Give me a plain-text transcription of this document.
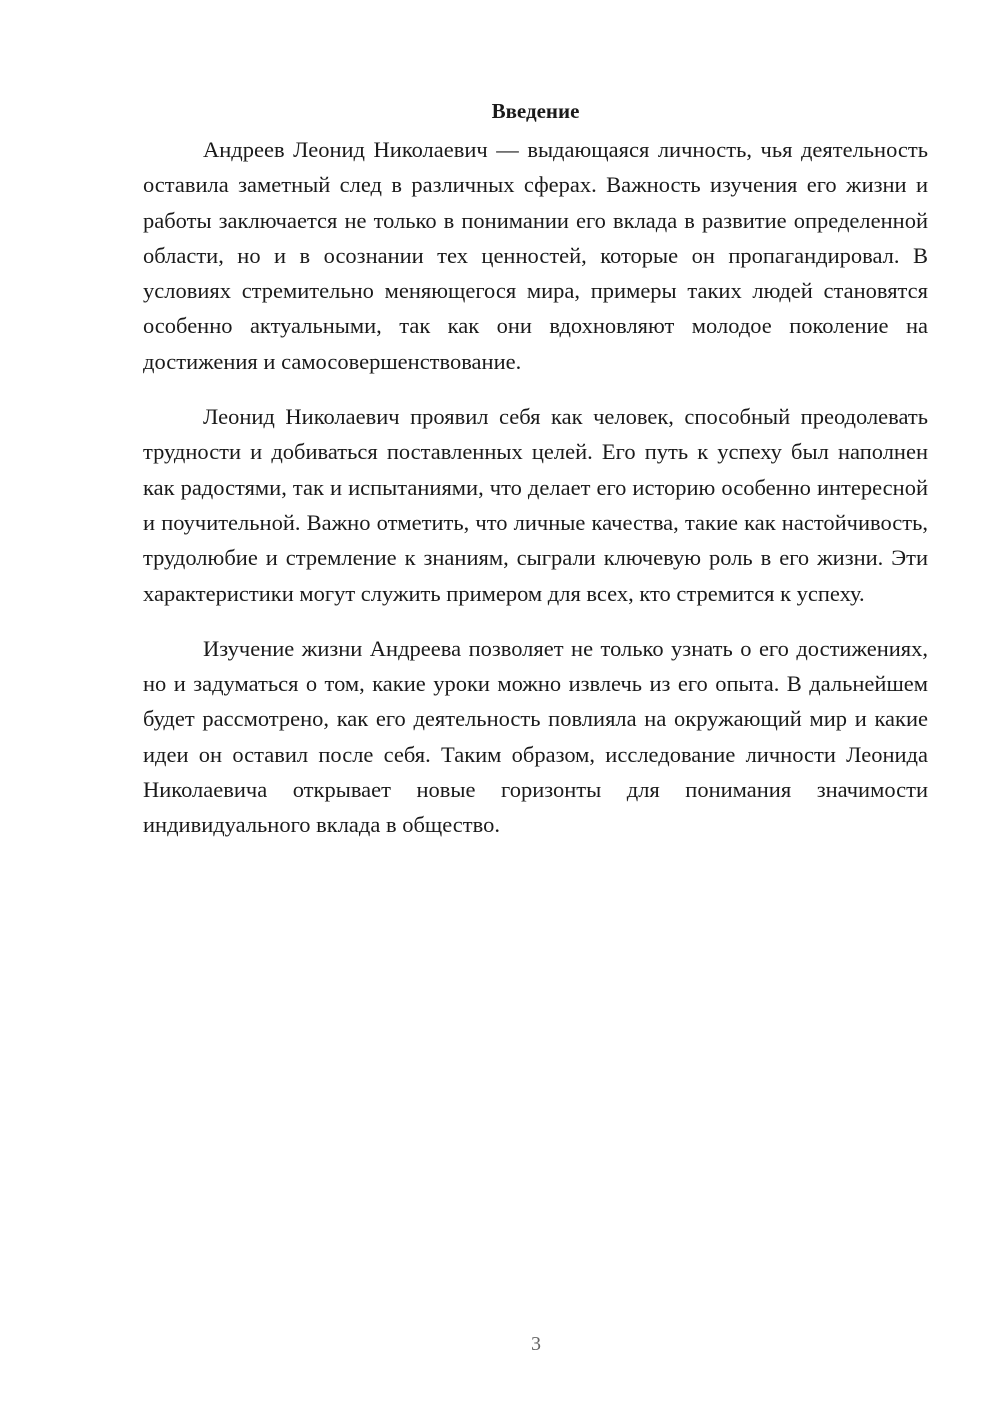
Введение

Андреев Леонид Николаевич — выдающаяся личность, чья деятельность оставила заметный след в различных сферах. Важность изучения его жизни и работы заключается не только в понимании его вклада в развитие определенной области, но и в осознании тех ценностей, которые он пропагандировал. В условиях стремительно меняющегося мира, примеры таких людей становятся особенно актуальными, так как они вдохновляют молодое поколение на достижения и самосовершенствование.

Леонид Николаевич проявил себя как человек, способный преодолевать трудности и добиваться поставленных целей. Его путь к успеху был наполнен как радостями, так и испытаниями, что делает его историю особенно интересной и поучительной. Важно отметить, что личные качества, такие как настойчивость, трудолюбие и стремление к знаниям, сыграли ключевую роль в его жизни. Эти характеристики могут служить примером для всех, кто стремится к успеху.

Изучение жизни Андреева позволяет не только узнать о его достижениях, но и задуматься о том, какие уроки можно извлечь из его опыта. В дальнейшем будет рассмотрено, как его деятельность повлияла на окружающий мир и какие идеи он оставил после себя. Таким образом, исследование личности Леонида Николаевича открывает новые горизонты для понимания значимости индивидуального вклада в общество.

3
